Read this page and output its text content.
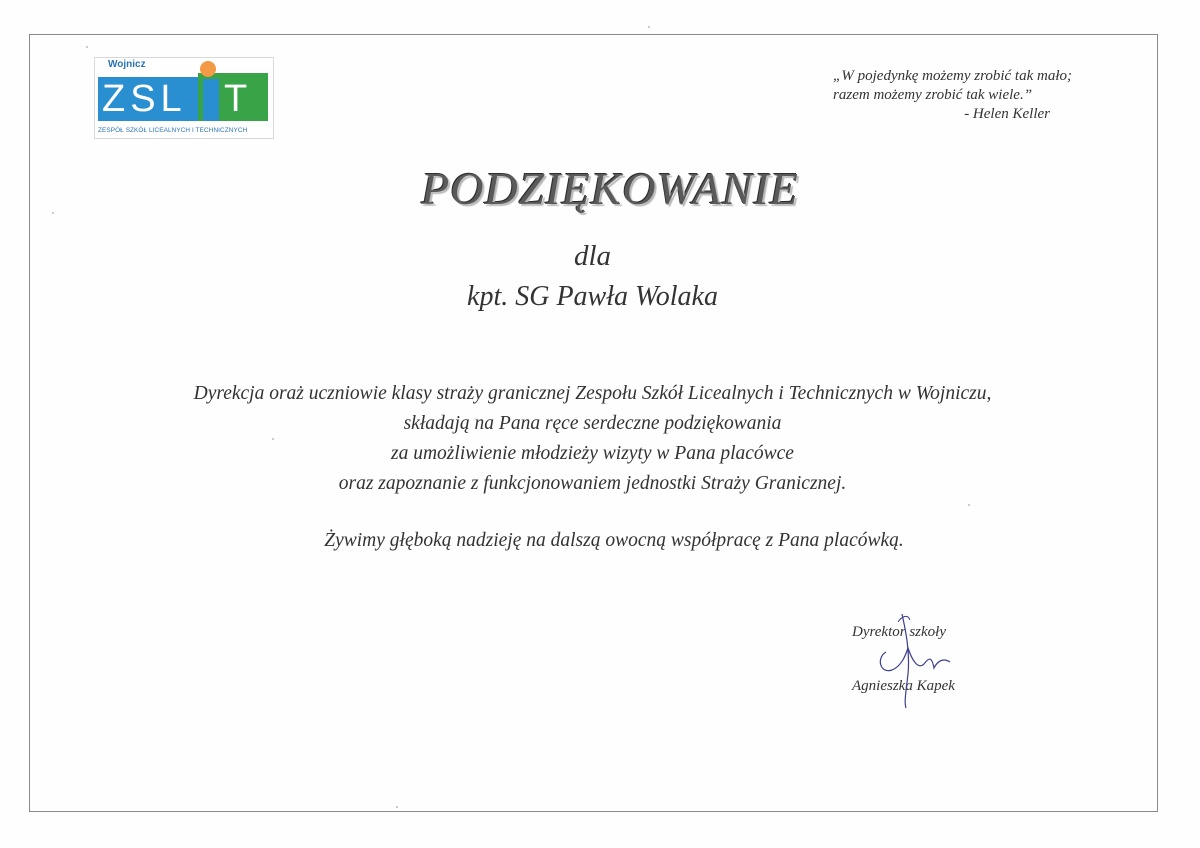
Wojnicz
ZSL T
ZESPÓŁ SZKÓŁ LICEALNYCH I TECHNICZNYCH
„W pojedynkę możemy zrobić tak mało;
razem możemy zrobić tak wiele.”
- Helen Keller
PODZIĘKOWANIE
dla
kpt. SG Pawła Wolaka
Dyrekcja oraż uczniowie klasy straży granicznej Zespołu Szkół Licealnych i Technicznych w Wojniczu,
składają na Pana ręce serdeczne podziękowania
za umożliwienie młodzieży wizyty w Pana placówce
oraz zapoznanie z funkcjonowaniem jednostki Straży Granicznej.
Żywimy głęboką nadzieję na dalszą owocną współpracę z Pana placówką.
Dyrektor szkoły
Agnieszka Kapek
